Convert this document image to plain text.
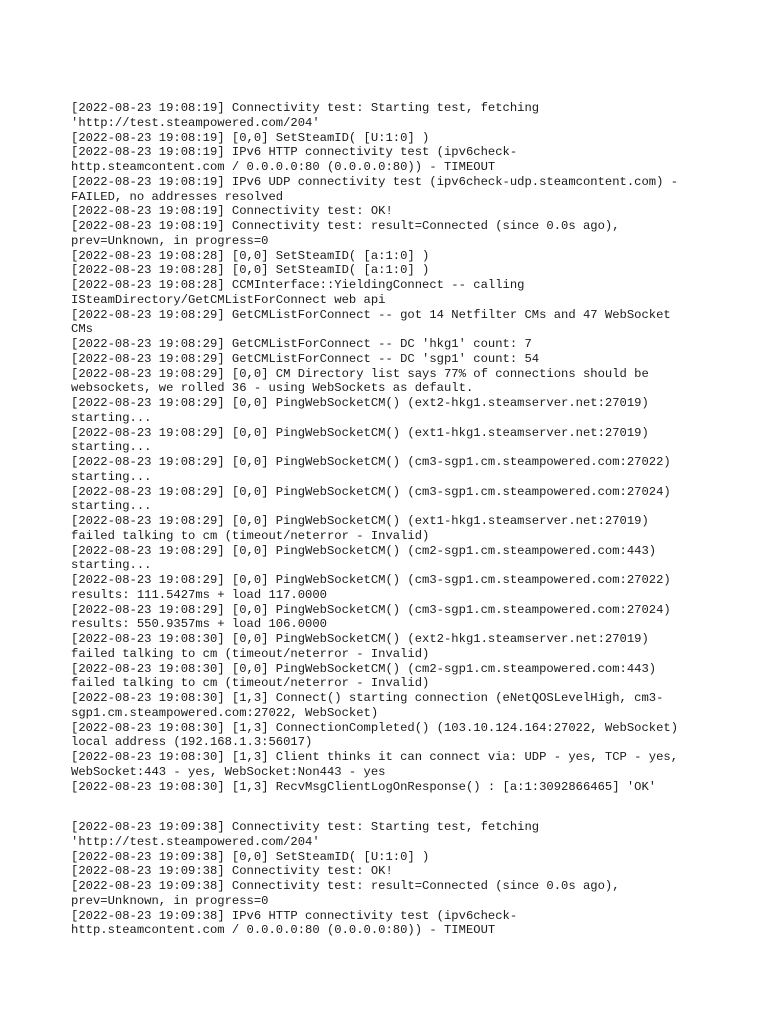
[2022-08-23 19:08:19] Connectivity test: Starting test, fetching
'http://test.steampowered.com/204'
[2022-08-23 19:08:19] [0,0] SetSteamID( [U:1:0] )
[2022-08-23 19:08:19] IPv6 HTTP connectivity test (ipv6check-
http.steamcontent.com / 0.0.0.0:80 (0.0.0.0:80)) - TIMEOUT
[2022-08-23 19:08:19] IPv6 UDP connectivity test (ipv6check-udp.steamcontent.com) -
FAILED, no addresses resolved
[2022-08-23 19:08:19] Connectivity test: OK!
[2022-08-23 19:08:19] Connectivity test: result=Connected (since 0.0s ago),
prev=Unknown, in progress=0
[2022-08-23 19:08:28] [0,0] SetSteamID( [a:1:0] )
[2022-08-23 19:08:28] [0,0] SetSteamID( [a:1:0] )
[2022-08-23 19:08:28] CCMInterface::YieldingConnect -- calling
ISteamDirectory/GetCMListForConnect web api
[2022-08-23 19:08:29] GetCMListForConnect -- got 14 Netfilter CMs and 47 WebSocket
CMs
[2022-08-23 19:08:29] GetCMListForConnect -- DC 'hkg1' count: 7
[2022-08-23 19:08:29] GetCMListForConnect -- DC 'sgp1' count: 54
[2022-08-23 19:08:29] [0,0] CM Directory list says 77% of connections should be
websockets, we rolled 36 - using WebSockets as default.
[2022-08-23 19:08:29] [0,0] PingWebSocketCM() (ext2-hkg1.steamserver.net:27019)
starting...
[2022-08-23 19:08:29] [0,0] PingWebSocketCM() (ext1-hkg1.steamserver.net:27019)
starting...
[2022-08-23 19:08:29] [0,0] PingWebSocketCM() (cm3-sgp1.cm.steampowered.com:27022)
starting...
[2022-08-23 19:08:29] [0,0] PingWebSocketCM() (cm3-sgp1.cm.steampowered.com:27024)
starting...
[2022-08-23 19:08:29] [0,0] PingWebSocketCM() (ext1-hkg1.steamserver.net:27019)
failed talking to cm (timeout/neterror - Invalid)
[2022-08-23 19:08:29] [0,0] PingWebSocketCM() (cm2-sgp1.cm.steampowered.com:443)
starting...
[2022-08-23 19:08:29] [0,0] PingWebSocketCM() (cm3-sgp1.cm.steampowered.com:27022)
results: 111.5427ms + load 117.0000
[2022-08-23 19:08:29] [0,0] PingWebSocketCM() (cm3-sgp1.cm.steampowered.com:27024)
results: 550.9357ms + load 106.0000
[2022-08-23 19:08:30] [0,0] PingWebSocketCM() (ext2-hkg1.steamserver.net:27019)
failed talking to cm (timeout/neterror - Invalid)
[2022-08-23 19:08:30] [0,0] PingWebSocketCM() (cm2-sgp1.cm.steampowered.com:443)
failed talking to cm (timeout/neterror - Invalid)
[2022-08-23 19:08:30] [1,3] Connect() starting connection (eNetQOSLevelHigh, cm3-
sgp1.cm.steampowered.com:27022, WebSocket)
[2022-08-23 19:08:30] [1,3] ConnectionCompleted() (103.10.124.164:27022, WebSocket)
local address (192.168.1.3:56017)
[2022-08-23 19:08:30] [1,3] Client thinks it can connect via: UDP - yes, TCP - yes,
WebSocket:443 - yes, WebSocket:Non443 - yes
[2022-08-23 19:08:30] [1,3] RecvMsgClientLogOnResponse() : [a:1:3092866465] 'OK'
[2022-08-23 19:09:38] Connectivity test: Starting test, fetching
'http://test.steampowered.com/204'
[2022-08-23 19:09:38] [0,0] SetSteamID( [U:1:0] )
[2022-08-23 19:09:38] Connectivity test: OK!
[2022-08-23 19:09:38] Connectivity test: result=Connected (since 0.0s ago),
prev=Unknown, in progress=0
[2022-08-23 19:09:38] IPv6 HTTP connectivity test (ipv6check-
http.steamcontent.com / 0.0.0.0:80 (0.0.0.0:80)) - TIMEOUT
